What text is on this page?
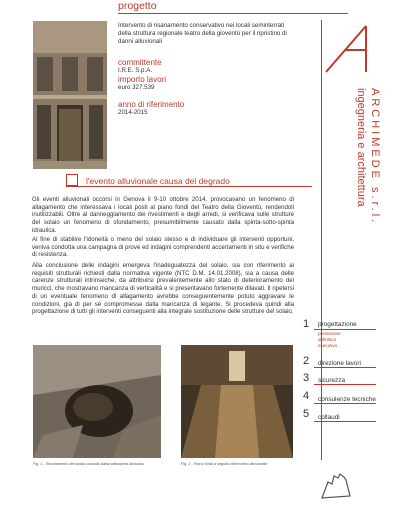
progetto
Intervento di risanamento conservativo nei locali seminterrati della struttura regionale teatro della gioventù per il ripristino di danni alluvionali
committente
I.R.E. S.p.A.
importo lavori
euro 327.539
anno di riferimento
2014-2015
l'evento alluvionale causa del degrado

Gli eventi alluvionali occorsi in Genova il 9-10 ottobre 2014, provocavano un fenomeno di allagamento che interessava i locali posti al piano fondi del Teatro della Gioventù, rendendoli inutilizzabili. Oltre al danneggiamento dei rivestimenti e degli arredi, si verificava sulle strutture del solaio un fenomeno di sfondamento, presumibilmente causato dalla spinta-sotto-spinta idraulica.

Al fine di stabilire l'idoneità o meno del solaio stesso e di individuare gli interventi opportuni, veniva condotta una campagna di prove ed indagini comprendenti accertamenti in situ e verifiche di resistenza.

Alla conclusione delle indagini emergeva l'inadeguatezza del solaio, sia con riferimento ai requisiti strutturali richiesti dalla normativa vigente (NTC D.M. 14.01.2008), sia a causa delle carenze strutturali intrinseche, da attribuirsi prevalentemente allo stato di deterioramento dei muricci, che mostravano mancanza di verticalità e si presentavano fortemente dilavati. Il ripetersi di un eventuale fenomeno di allagamento avrebbe conseguentemente potuto aggravare le condizioni, già di per sé compromesse dalla mancanza di legante. Si procedeva quindi alla progettazione di tutti gli interventi conseguenti alla integrale sostituzione delle strutture del solaio.

ARCHIMEDE s.r.l.
ingegneria e architettura
1 progettazione
preliminare
definitivo
esecutivo
2 direzione lavori
3 sicurezza
4 consulenze tecniche
5 collaudi
Fig. 1 - Sfondamento del solaio causato dalla sottospinta idraulica	Fig. 2 - Piano fondi a seguito dell'evento alluvionale
